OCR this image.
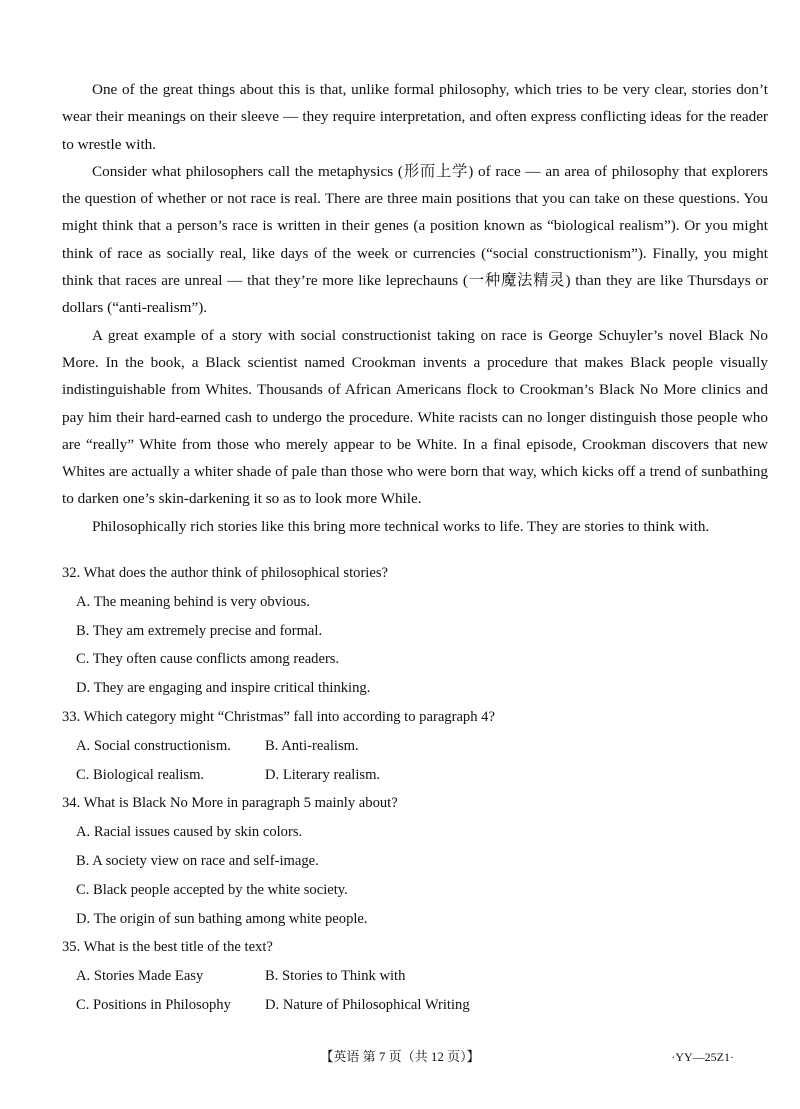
One of the great things about this is that, unlike formal philosophy, which tries to be very clear, stories don’t wear their meanings on their sleeve — they require interpretation, and often express conflicting ideas for the reader to wrestle with.

Consider what philosophers call the metaphysics (形而上学) of race — an area of philosophy that explorers the question of whether or not race is real. There are three main positions that you can take on these questions. You might think that a person’s race is written in their genes (a position known as “biological realism”). Or you might think of race as socially real, like days of the week or currencies (“social constructionism”). Finally, you might think that races are unreal — that they’re more like leprechauns (一种魔法精灵) than they are like Thursdays or dollars (“anti-realism”).

A great example of a story with social constructionist taking on race is George Schuyler’s novel Black No More. In the book, a Black scientist named Crookman invents a procedure that makes Black people visually indistinguishable from Whites. Thousands of African Americans flock to Crookman’s Black No More clinics and pay him their hard-earned cash to undergo the procedure. White racists can no longer distinguish those people who are “really” White from those who merely appear to be White. In a final episode, Crookman discovers that new Whites are actually a whiter shade of pale than those who were born that way, which kicks off a trend of sunbathing to darken one’s skin-darkening it so as to look more While.

Philosophically rich stories like this bring more technical works to life. They are stories to think with.

32. What does the author think of philosophical stories?

A. The meaning behind is very obvious.

B. They am extremely precise and formal.

C. They often cause conflicts among readers.

D. They are engaging and inspire critical thinking.

33. Which category might “Christmas” fall into according to paragraph 4?

A. Social constructionism. B. Anti-realism.

C. Biological realism.	D. Literary realism.

34. What is Black No More in paragraph 5 mainly about?

A. Racial issues caused by skin colors.

B. A society view on race and self-image.

C. Black people accepted by the white society.

D. The origin of sun bathing among white people.

35. What is the best title of the text?

A. Stories Made Easy	B. Stories to Think with

C. Positions in Philosophy D. Nature of Philosophical Writing

【英语 第 7 页（共 12 页）】	·YY—25Z1·
